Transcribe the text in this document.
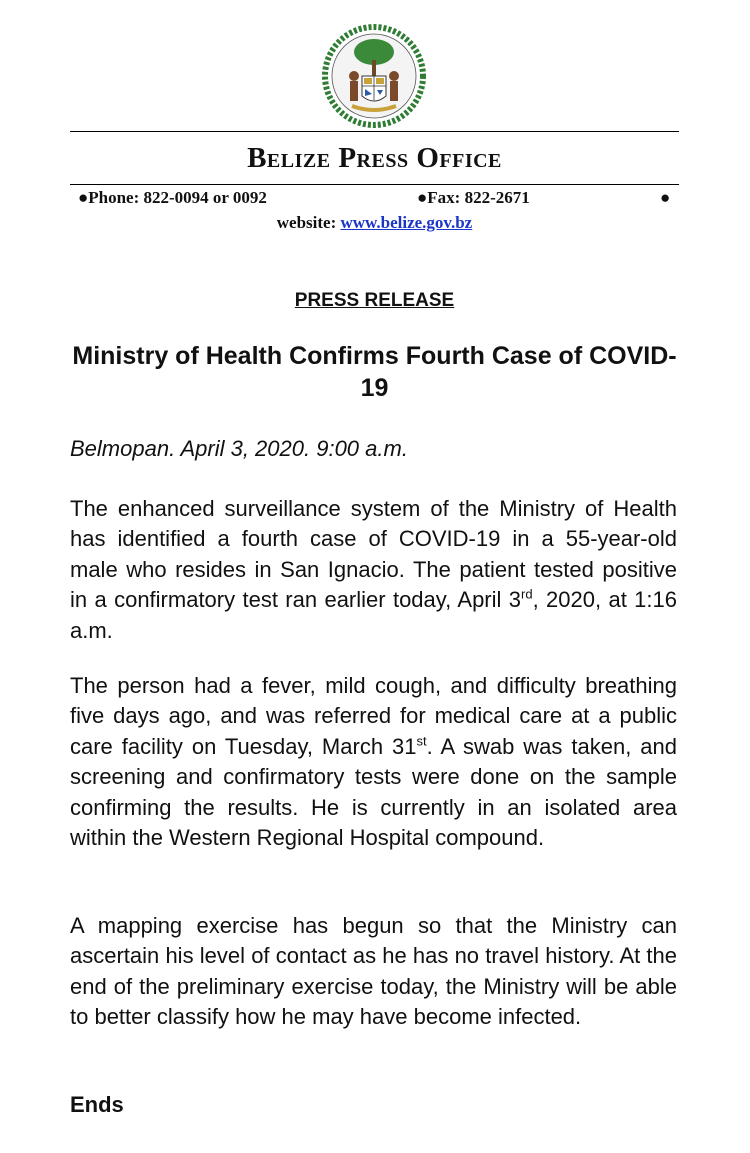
Belize Press Office
●Phone: 822-0094 or 0092	●Fax: 822-2671	●
website: www.belize.gov.bz
PRESS RELEASE
Ministry of Health Confirms Fourth Case of COVID-19
Belmopan. April 3, 2020. 9:00 a.m.
The enhanced surveillance system of the Ministry of Health has identified a fourth case of COVID-19 in a 55-year-old male who resides in San Ignacio. The patient tested positive in a confirmatory test ran earlier today, April 3rd, 2020, at 1:16 a.m.
The person had a fever, mild cough, and difficulty breathing five days ago, and was referred for medical care at a public care facility on Tuesday, March 31st. A swab was taken, and screening and confirmatory tests were done on the sample confirming the results. He is currently in an isolated area within the Western Regional Hospital compound.
A mapping exercise has begun so that the Ministry can ascertain his level of contact as he has no travel history. At the end of the preliminary exercise today, the Ministry will be able to better classify how he may have become infected.
Ends
